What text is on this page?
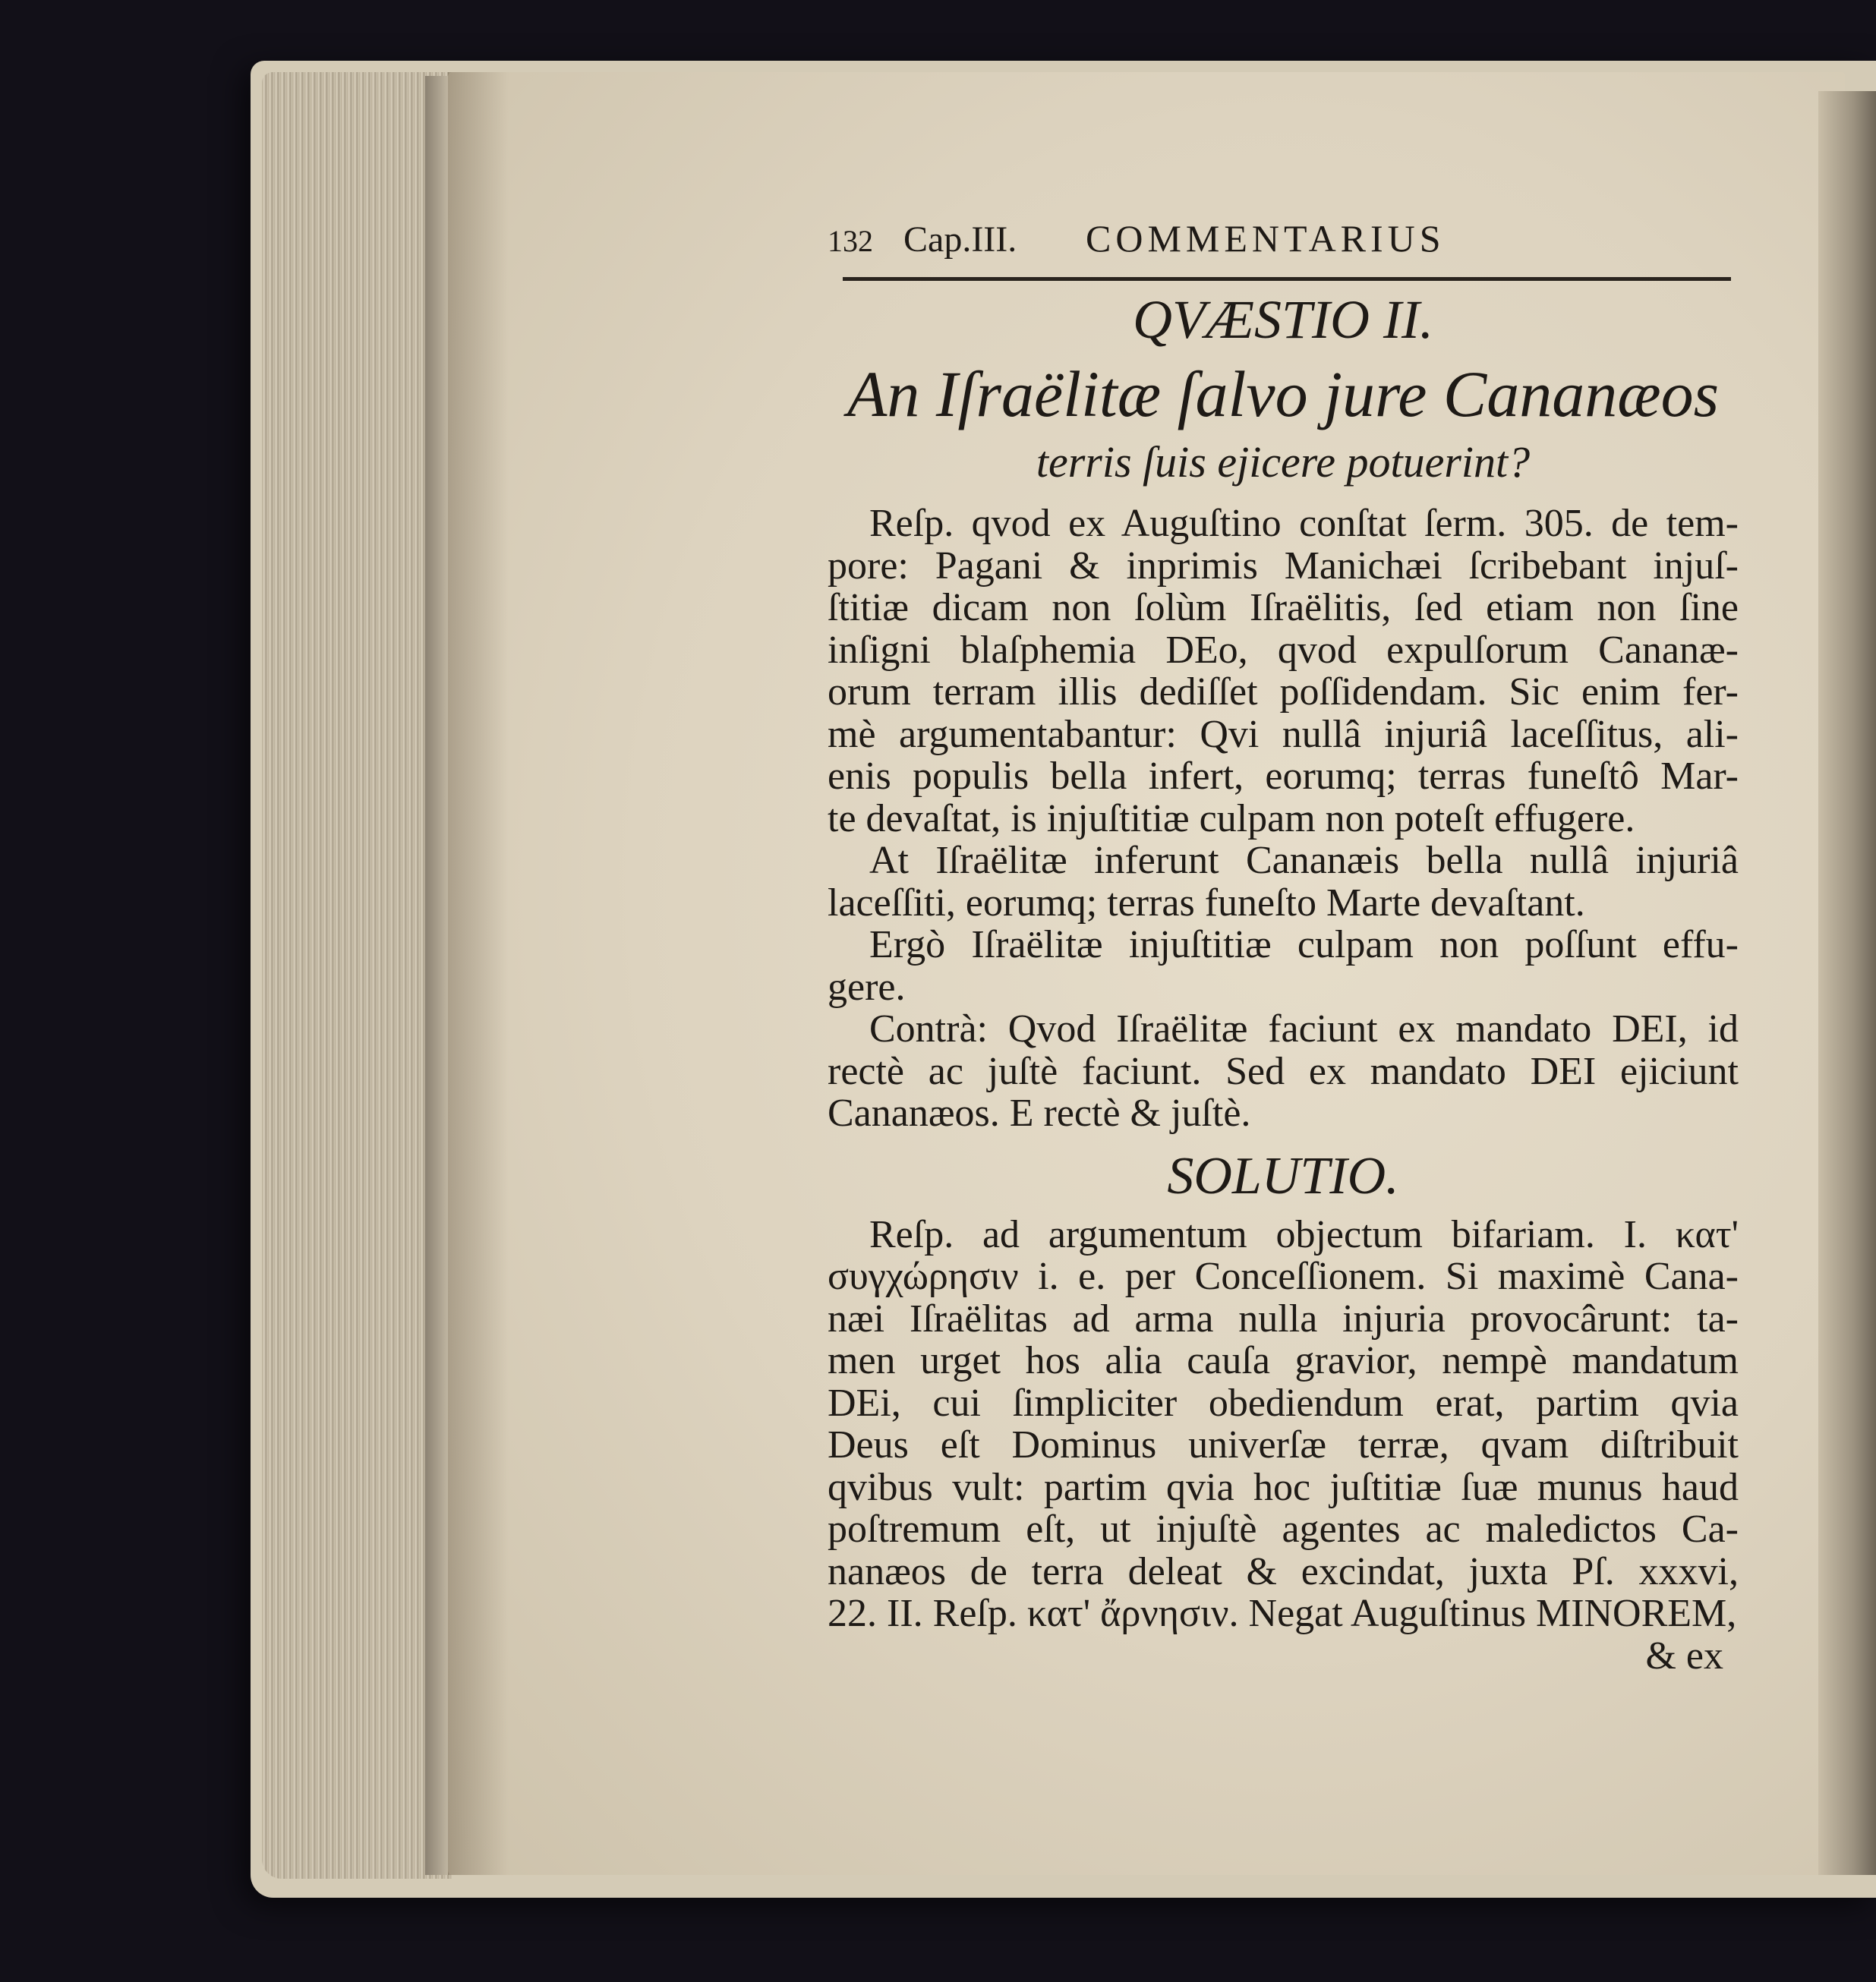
132 Cap.III.	COMMENTARIUS
QVÆSTIO II.
An Iſraëlitæ ſalvo jure Cananæos
terris ſuis ejicere potuerint?
Reſp. qvod ex Auguſtino conſtat ſerm. 305. de tem-
pore: Pagani & inprimis Manichæi ſcribebant injuſ-
ſtitiæ dicam non ſolùm Iſraëlitis, ſed etiam non ſine
inſigni blaſphemia DEo, qvod expulſorum Cananæ-
orum terram illis dediſſet poſſidendam. Sic enim fer-
mè argumentabantur: Qvi nullâ injuriâ laceſſitus, ali-
enis populis bella infert, eorumq; terras funeſtô Mar-
te devaſtat, is injuſtitiæ culpam non poteſt effugere.
At Iſraëlitæ inferunt Cananæis bella nullâ injuriâ
laceſſiti, eorumq; terras funeſto Marte devaſtant.
Ergò Iſraëlitæ injuſtitiæ culpam non poſſunt effu-
gere.
Contrà: Qvod Iſraëlitæ faciunt ex mandato DEI, id
rectè ac juſtè faciunt. Sed ex mandato DEI ejiciunt
Cananæos. E rectè & juſtè.
SOLUTIO.
Reſp. ad argumentum objectum bifariam. I. κατ'
συγχώρησιν i. e. per Conceſſionem. Si maximè Cana-
næi Iſraëlitas ad arma nulla injuria provocârunt: ta-
men urget hos alia cauſa gravior, nempè mandatum
DEi, cui ſimpliciter obediendum erat, partim qvia
Deus eſt Dominus univerſæ terræ, qvam diſtribuit
qvibus vult: partim qvia hoc juſtitiæ ſuæ munus haud
poſtremum eſt, ut injuſtè agentes ac maledictos Ca-
nanæos de terra deleat & excindat, juxta Pſ. xxxvi,
22. II. Reſp. κατ' ἄρνησιν. Negat Auguſtinus MINOREM,
& ex
